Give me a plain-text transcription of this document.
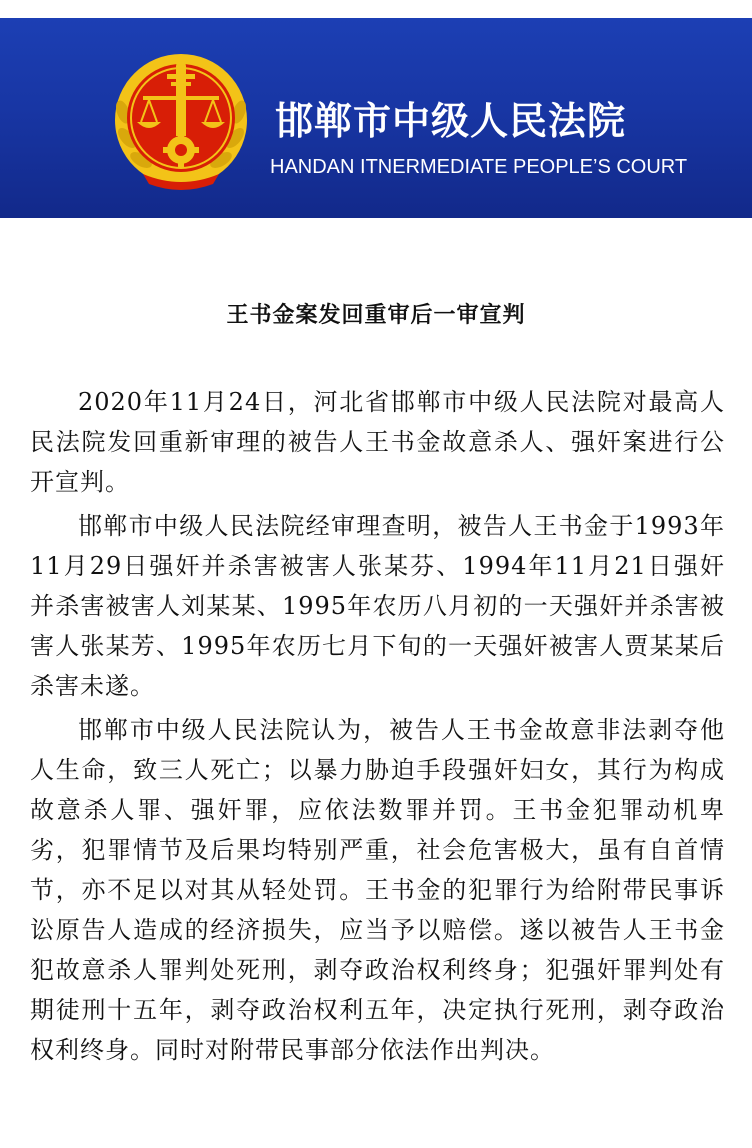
邯郸市中级人民法院
HANDAN ITNERMEDIATE PEOPLE’S COURT
王书金案发回重审后一审宣判

2020年11月24日，河北省邯郸市中级人民法院对最高人民法院发回重新审理的被告人王书金故意杀人、强奸案进行公开宣判。

邯郸市中级人民法院经审理查明，被告人王书金于1993年11月29日强奸并杀害被害人张某芬、1994年11月21日强奸并杀害被害人刘某某、1995年农历八月初的一天强奸并杀害被害人张某芳、1995年农历七月下旬的一天强奸被害人贾某某后杀害未遂。

邯郸市中级人民法院认为，被告人王书金故意非法剥夺他人生命，致三人死亡；以暴力胁迫手段强奸妇女，其行为构成故意杀人罪、强奸罪，应依法数罪并罚。王书金犯罪动机卑劣，犯罪情节及后果均特别严重，社会危害极大，虽有自首情节，亦不足以对其从轻处罚。王书金的犯罪行为给附带民事诉讼原告人造成的经济损失，应当予以赔偿。遂以被告人王书金犯故意杀人罪判处死刑，剥夺政治权利终身；犯强奸罪判处有期徒刑十五年，剥夺政治权利五年，决定执行死刑，剥夺政治权利终身。同时对附带民事部分依法作出判决。
